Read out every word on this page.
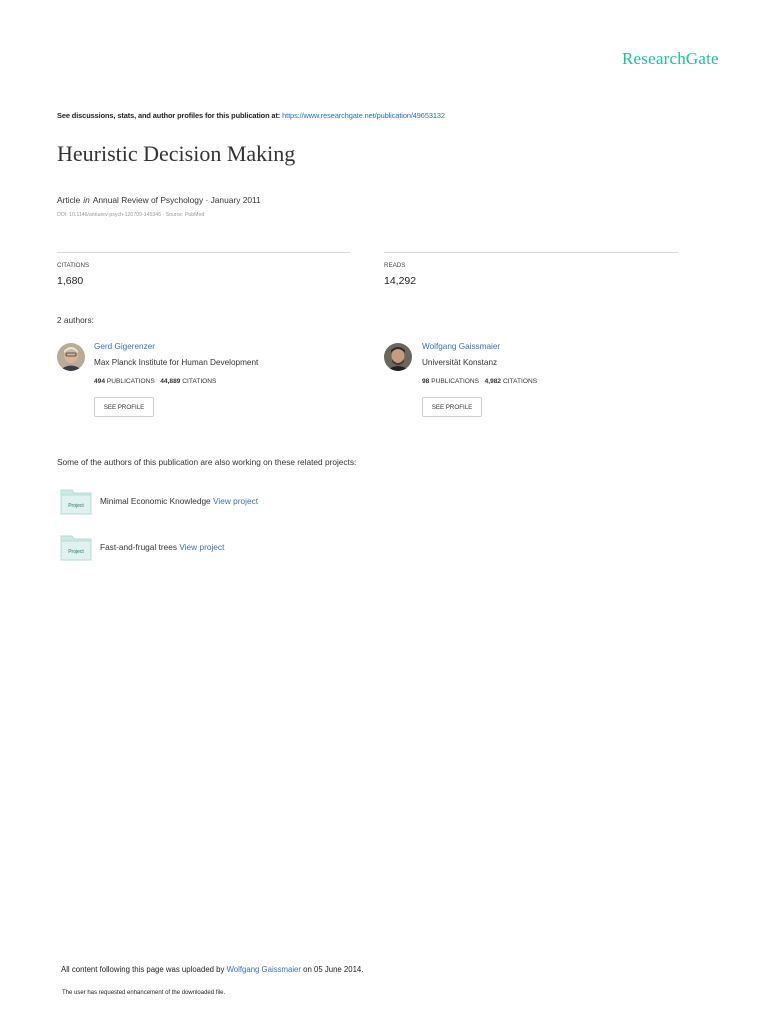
ResearchGate
See discussions, stats, and author profiles for this publication at: https://www.researchgate.net/publication/49653132
Heuristic Decision Making
Article in Annual Review of Psychology · January 2011
DOI: 10.1146/annurev-psych-120709-145346 · Source: PubMed
CITATIONS
1,680
READS
14,292
2 authors:
Gerd Gigerenzer
Max Planck Institute for Human Development
494 PUBLICATIONS 44,889 CITATIONS
SEE PROFILE
Wolfgang Gaissmaier
Universität Konstanz
98 PUBLICATIONS 4,982 CITATIONS
SEE PROFILE
Some of the authors of this publication are also working on these related projects:
Project Minimal Economic Knowledge View project
Project Fast-and-frugal trees View project
All content following this page was uploaded by Wolfgang Gaissmaier on 05 June 2014.
The user has requested enhancement of the downloaded file.
